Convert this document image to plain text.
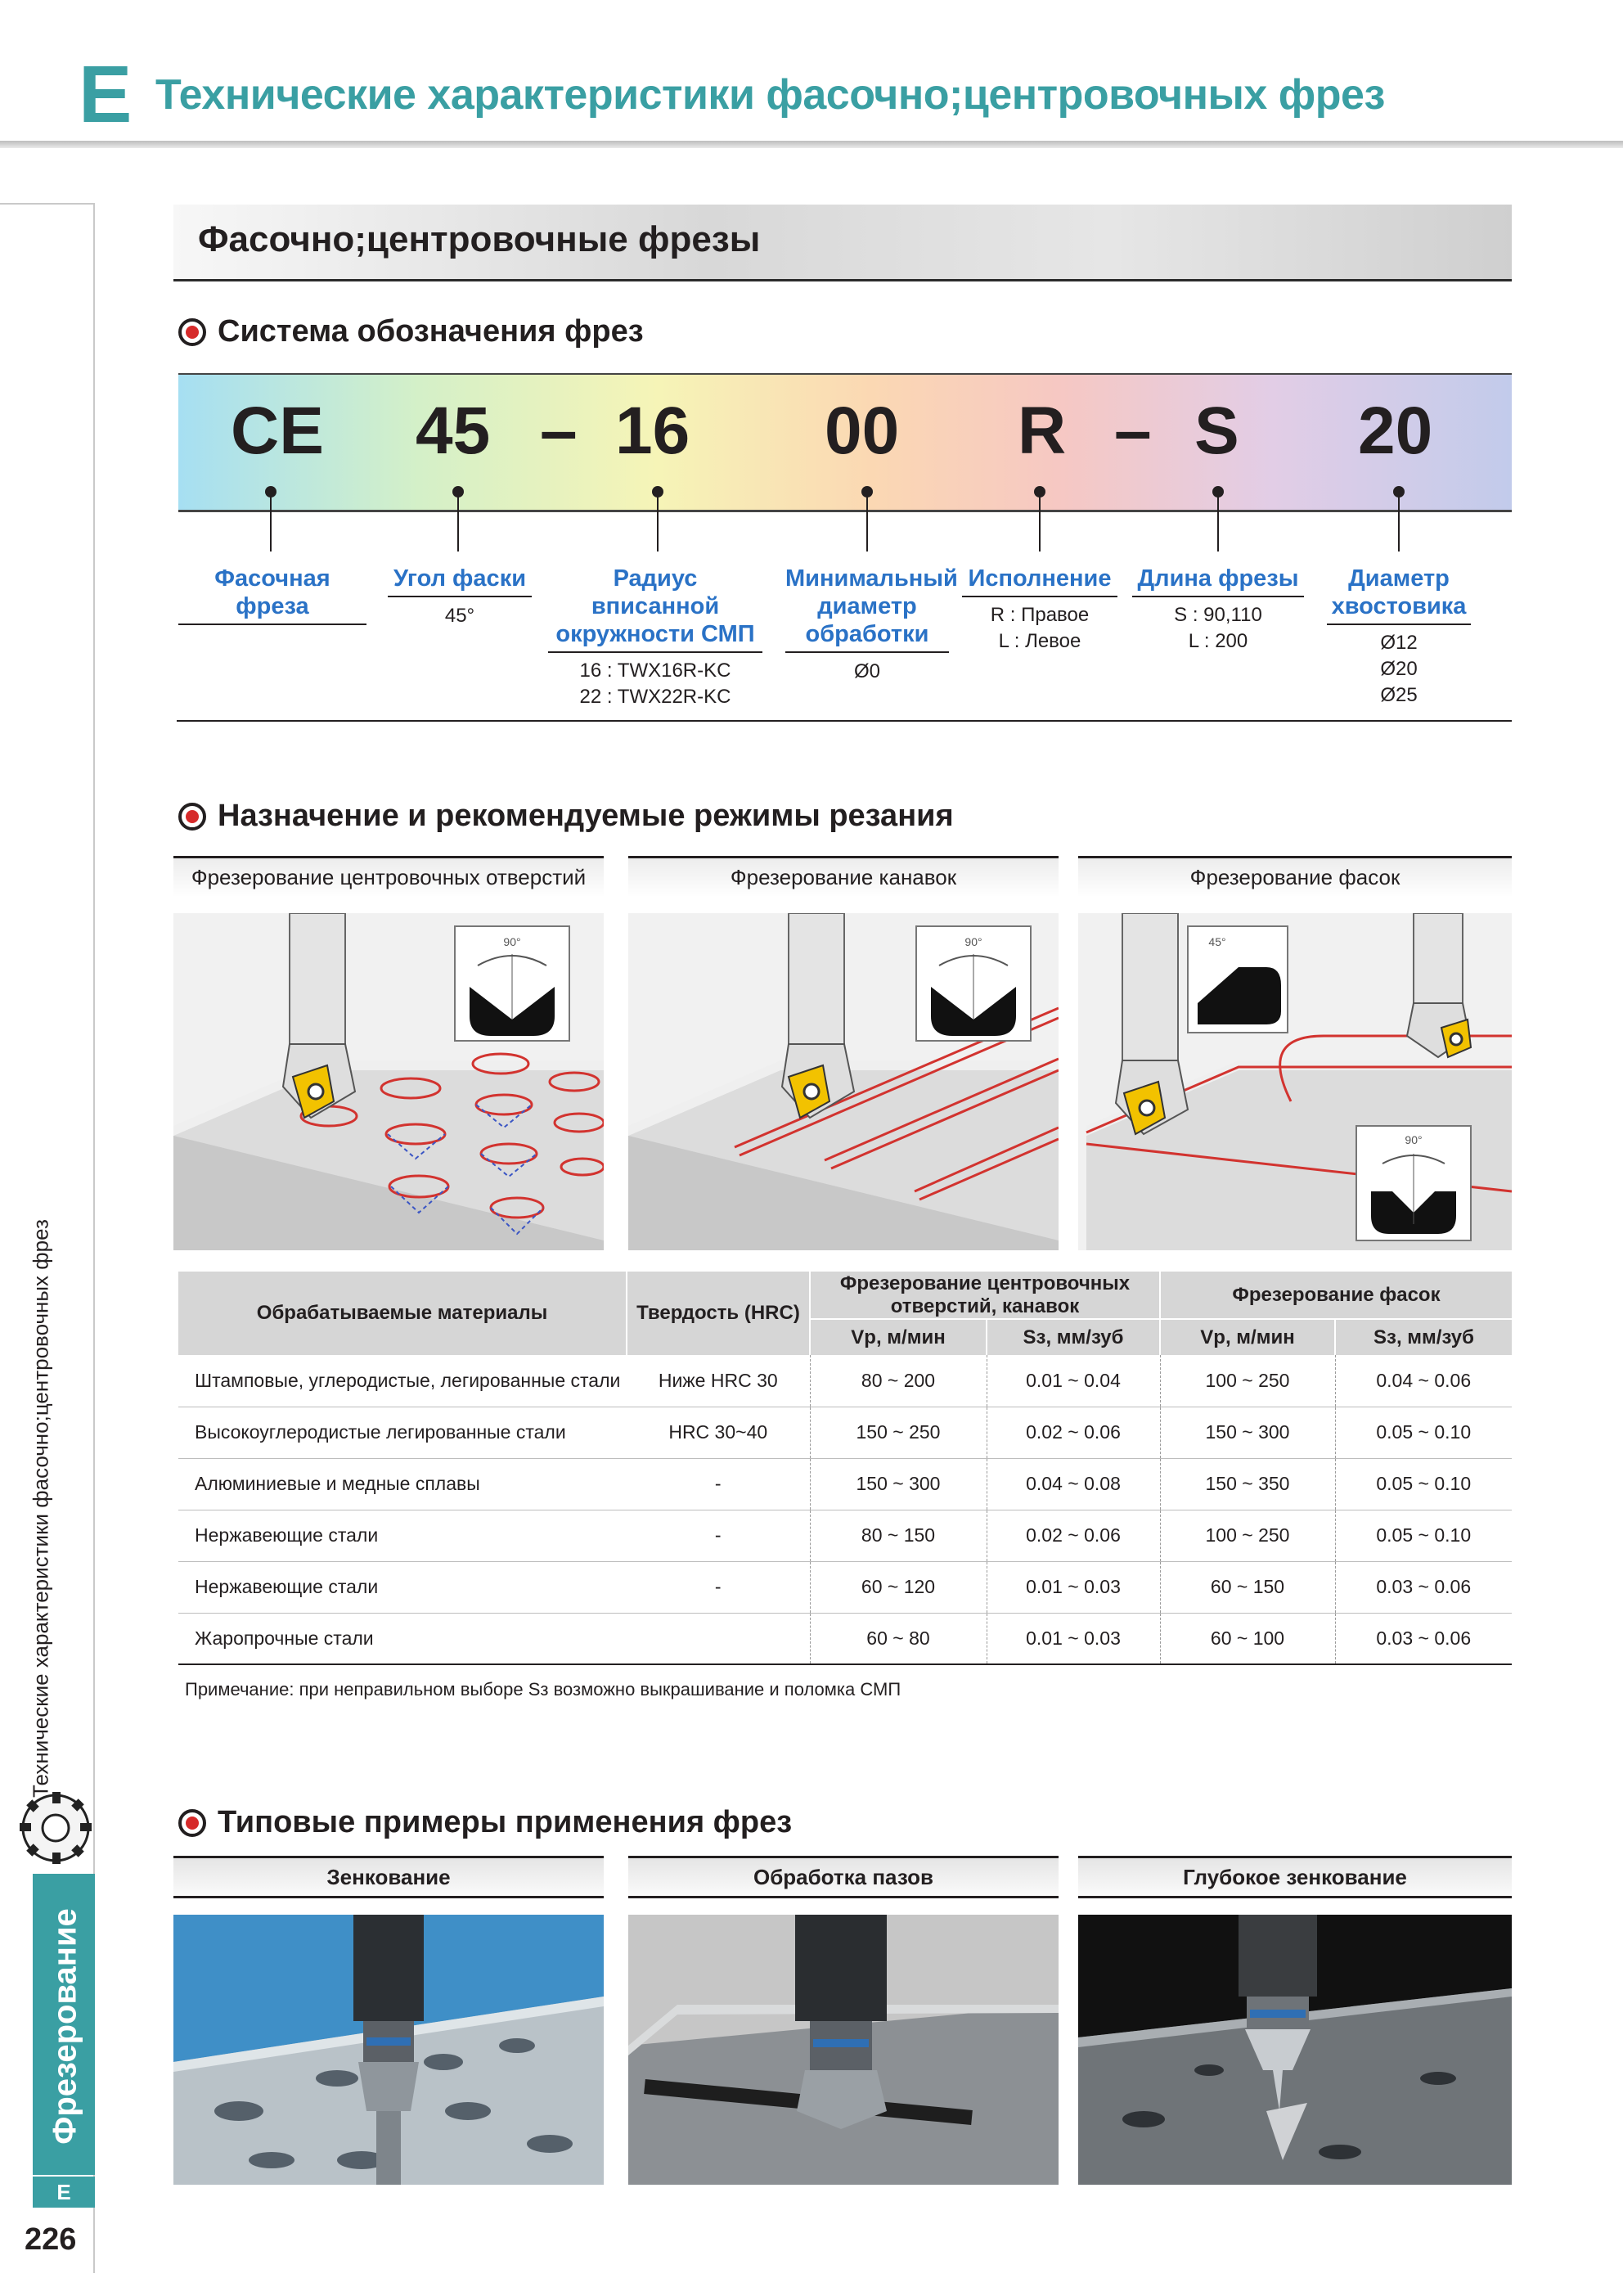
E Технические характеристики фасочно;центровочных фрез
Технические характеристики фасочно;центровочных фрез
Фрезерование
E
226
Фасочно;центровочные фрезы
Система обозначения фрез
CE 45 – 16 00 R – S 20
Фасочная фреза
Угол фаски
45°
Радиус вписанной окружности СМП
16 : TWX16R-KC
22 : TWX22R-KC
Минимальный диаметр обработки
Ø0
Исполнение
R : Правое
L : Левое
Длина фрезы
S : 90,110
L : 200
Диаметр хвостовика
Ø12
Ø20
Ø25
Назначение и рекомендуемые режимы резания
Фрезерование центровочных отверстий	Фрезерование канавок	Фрезерование фасок
90°	90°	45°
90°
Обрабатываемые материалы	Твердость (HRC)	Фрезерование центровочных отверстий, канавок		Фрезерование фасок	
		Vp, м/мин	Sз, мм/зуб	Vp, м/мин	Sз, мм/зуб
Штамповые, углеродистые, легированные стали	Ниже HRC 30	80 ~ 200	0.01 ~ 0.04	100 ~ 250	0.04 ~ 0.06
Высокоуглеродистые легированные стали	HRC 30~40	150 ~ 250	0.02 ~ 0.06	150 ~ 300	0.05 ~ 0.10
Алюминиевые и медные сплавы	-	150 ~ 300	0.04 ~ 0.08	150 ~ 350	0.05 ~ 0.10
Нержавеющие стали	-	80 ~ 150	0.02 ~ 0.06	100 ~ 250	0.05 ~ 0.10
Нержавеющие стали	-	60 ~ 120	0.01 ~ 0.03	60 ~ 150	0.03 ~ 0.06
Жаропрочные стали		60 ~ 80	0.01 ~ 0.03	60 ~ 100	0.03 ~ 0.06
Примечание: при неправильном выборе Sз возможно выкрашивание и поломка СМП
Типовые примеры применения фрез
Зенкование	Обработка пазов	Глубокое зенкование
